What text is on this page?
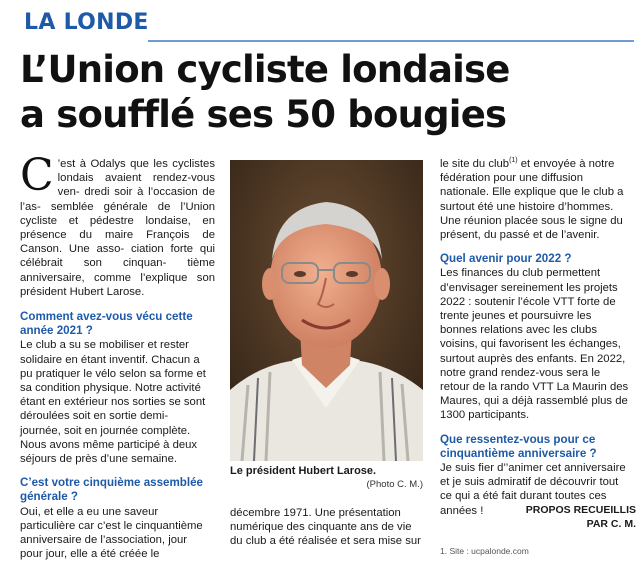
LA LONDE
L’Union cycliste londaise
a soufflé ses 50 bougies

C ’est à Odalys que les cyclistes londais avaient rendez-vous ven- dredi soir à l’occasion de l’as- semblée générale de l’Union cycliste et pédestre londaise, en présence du maire François de Canson. Une asso- ciation forte qui célébrait son cinquan- tième anniversaire, comme l’explique son président Hubert Larose.

Comment avez-vous vécu cette
année 2021 ?

Le club a su se mobiliser et rester
solidaire en étant inventif. Chacun a
pu pratiquer le vélo selon sa forme et
sa condition physique. Notre activité
étant en extérieur nos sorties se sont
déroulées soit en sortie demi-
journée, soit en journée complète.
Nous avons même participé à deux
séjours de près d’une semaine.

C’est votre cinquième assemblée
générale ?

Oui, et elle a eu une saveur
particulière car c’est le cinquantième
anniversaire de l’association, jour
pour jour, elle a été créée le

Le président Hubert Larose.
(Photo C. M.)
décembre 1971. Une présentation
numérique des cinquante ans de vie
du club a été réalisée et sera mise sur

le site du club$^{(1)}$ et envoyée à notre
fédération pour une diffusion
nationale. Elle explique que le club a
surtout été une histoire d’hommes.
Une réunion placée sous le signe du
présent, du passé et de l’avenir.

Quel avenir pour 2022 ?

Les finances du club permettent
d’envisager sereinement les projets
2022 : soutenir l’école VTT forte de
trente jeunes et poursuivre les
bonnes relations avec les clubs
voisins, qui favorisent les échanges,
surtout auprès des enfants. En 2022,
notre grand rendez-vous sera le
retour de la rando VTT La Maurin des
Maures, qui a déjà rassemblé plus de
1300 participants.

Que ressentez-vous pour ce
cinquantième anniversaire ?

Je suis fier d’’animer cet anniversaire
et je suis admiratif de découvrir tout
ce qui a été fait durant toutes ces
années !	PROPOS RECUEILLIS

PAR C. M.

1. Site : ucpalonde.com
